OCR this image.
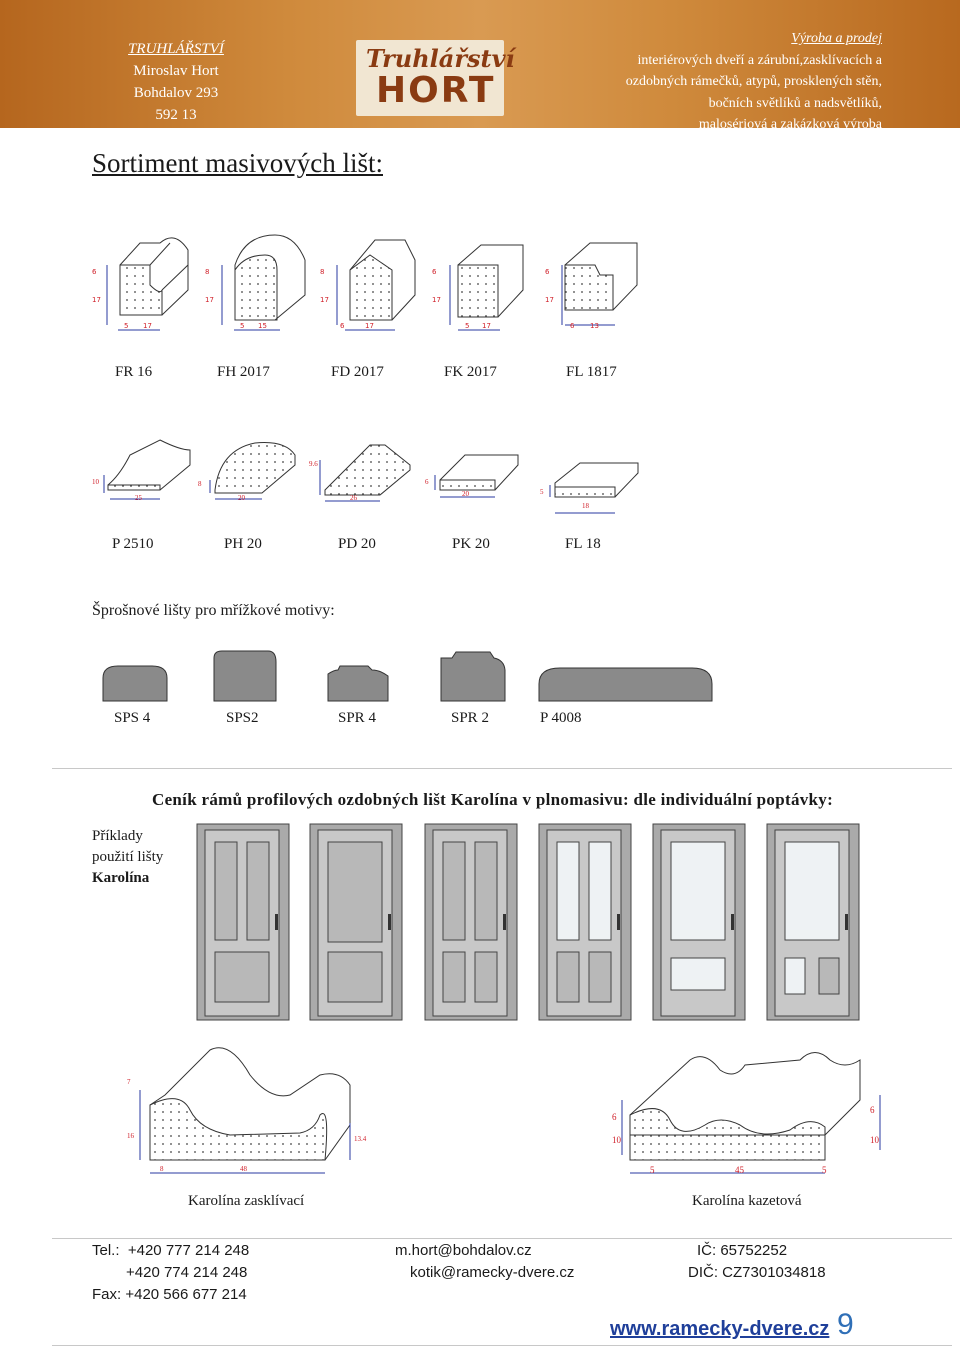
TRUHLÁŘSTVÍ
Miroslav Hort
Bohdalov 293
592 13
Truhlářství
HORT
Výroba a prodej
interiérových dveří a zárubní,zasklívacích a
ozdobných rámečků, atypů, prosklených stěn,
bočních světlíků a nadsvětlíků,
malosériová a zakázková výroba
Sortiment masivových lišt:
6
17
5 17
8
17
5 15
8
17
6	17
6
17
5 17
6
17
6 13
FR 16	FH 2017	FD 2017	FK 2017	FL 1817
10
25
8
20
9.6
26
6
20	5
18
P 2510	PH 20	PD 20	PK 20	FL 18
Šprošnové lišty pro mřížkové motivy:
SPS 4	SPS2	SPR 4	SPR 2	P 4008
Ceník rámů profilových ozdobných lišt Karolína v plnomasivu: dle individuální poptávky:
Příklady
použití lišty
Karolína
7
16
8	48
13.4
6
10
5	45	5
6
10
Karolína zasklívací	Karolína kazetová
Tel.: +420 777 214 248
+420 774 214 248
Fax: +420 566 677 214
m.hort@bohdalov.cz
kotik@ramecky-dvere.cz
IČ: 65752252
DIČ: CZ7301034818
www.ramecky-dvere.cz 9
